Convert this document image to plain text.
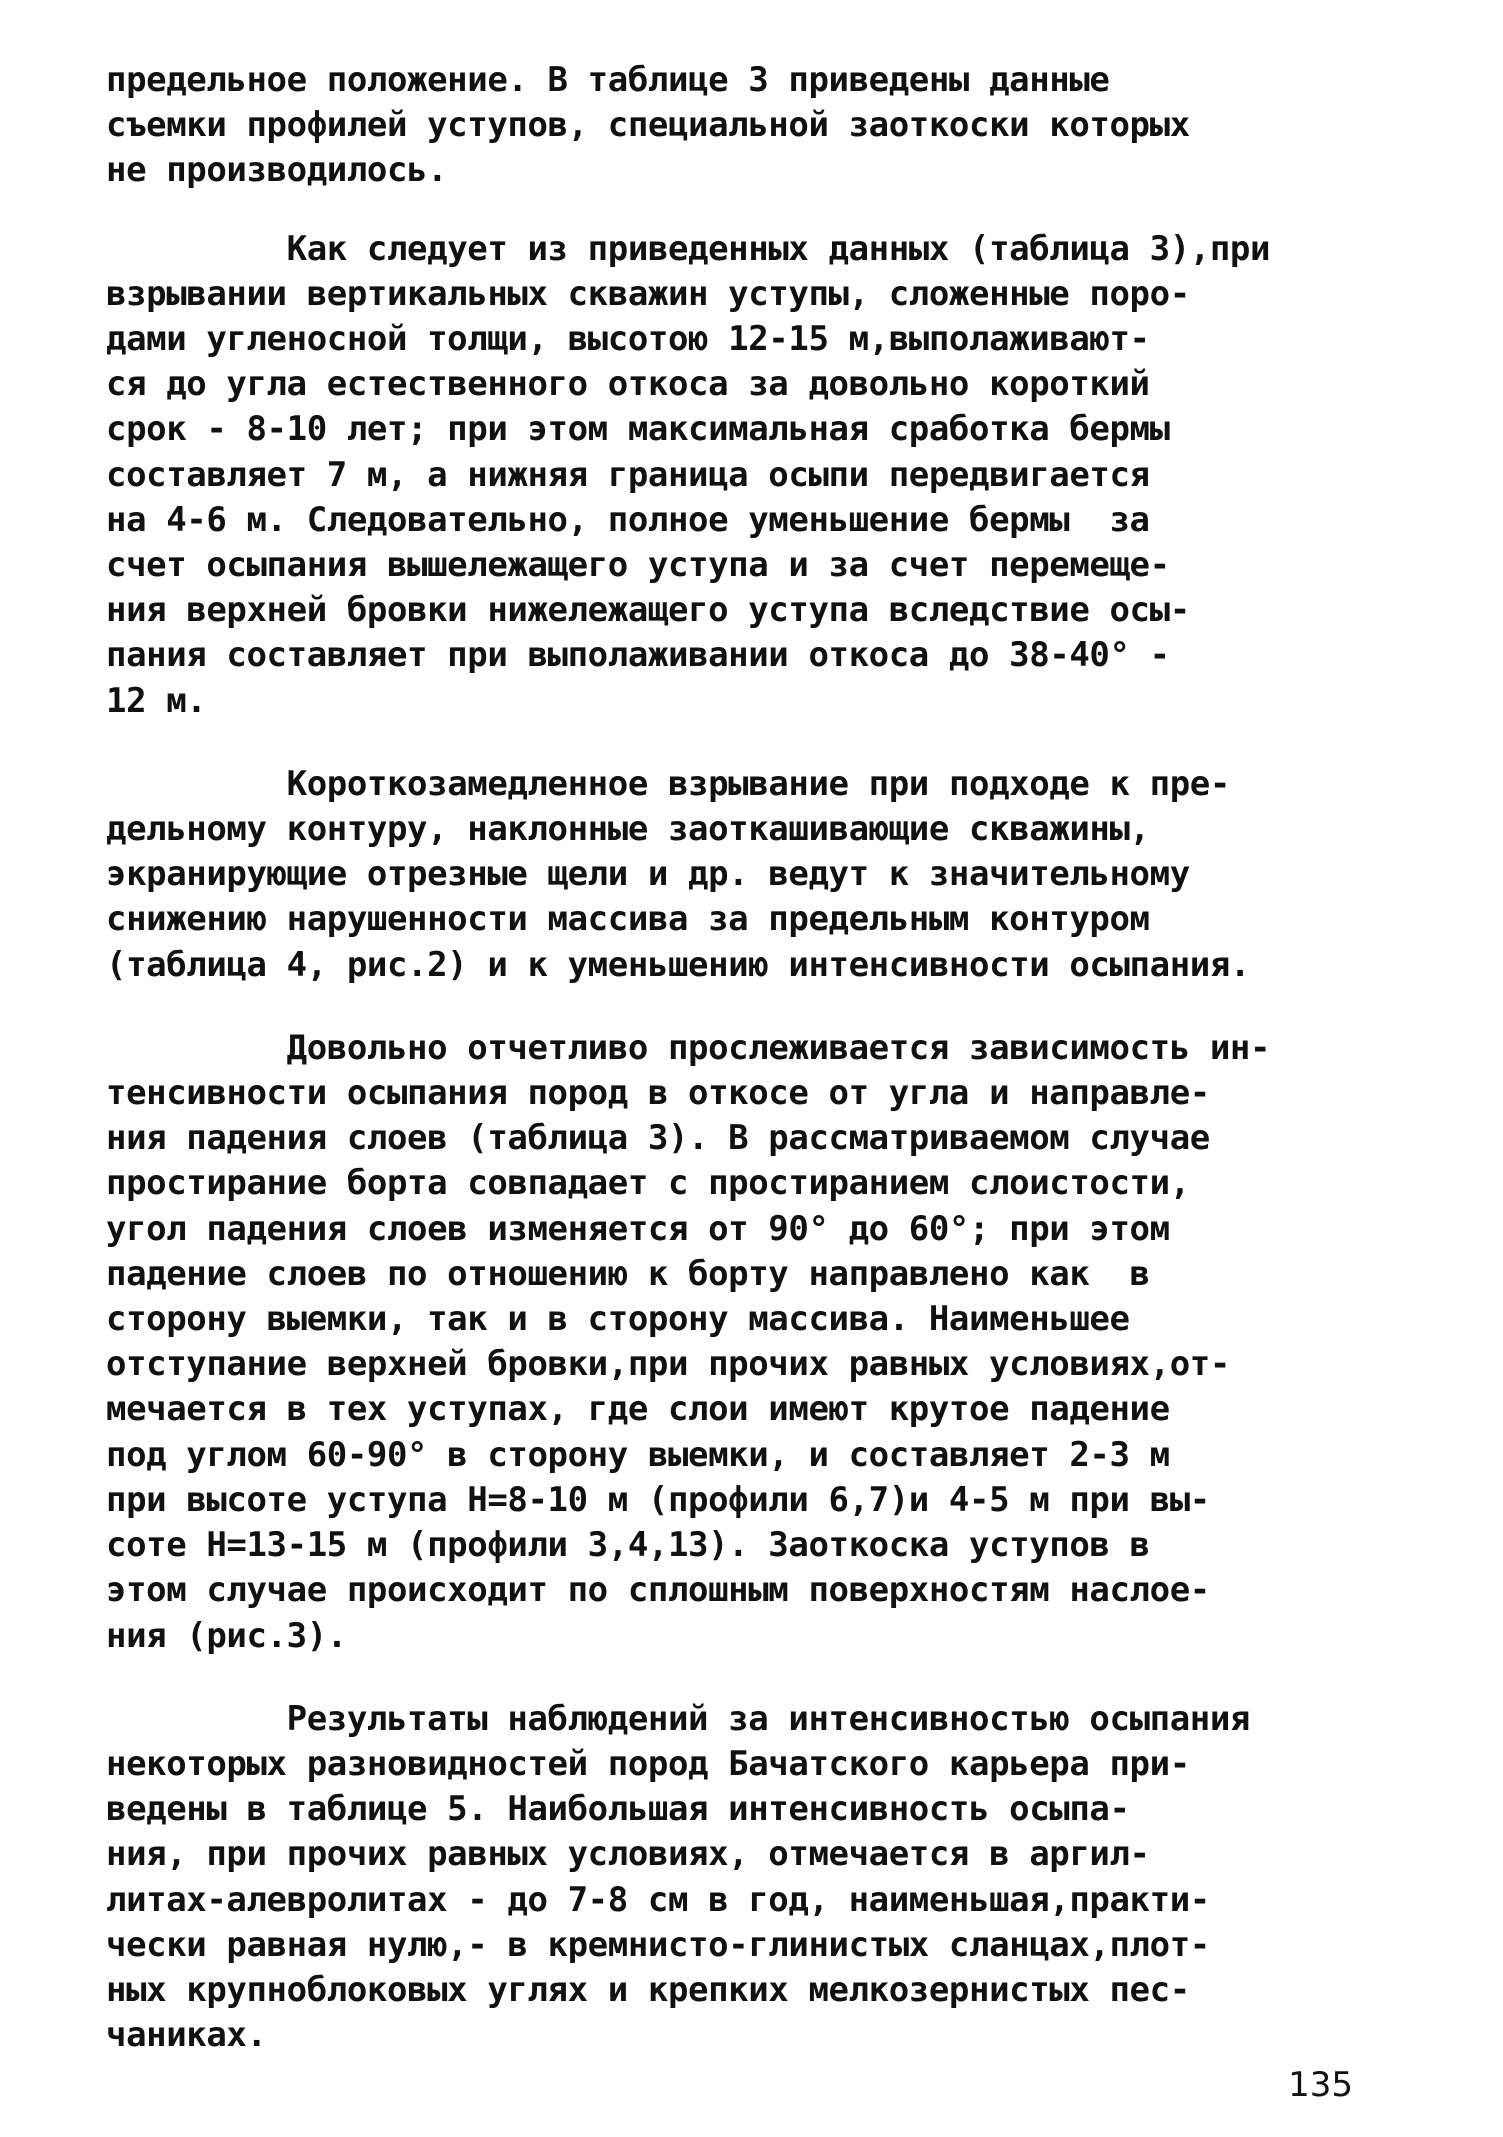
предельное положение. В таблице 3 приведены данные
съемки профилей уступов, специальной заоткоски которых
не производилось.

Как следует из приведенных данных (таблица 3),при
взрывании вертикальных скважин уступы, сложенные поро-
дами угленосной толщи, высотою 12-15 м,выполаживают-
ся до угла естественного откоса за довольно короткий
срок - 8-10 лет; при этом максимальная сработка бермы
составляет 7 м, а нижняя граница осыпи передвигается
на 4-6 м. Следовательно, полное уменьшение бермы  за
счет осыпания вышележащего уступа и за счет перемеще-
ния верхней бровки нижележащего уступа вследствие осы-
пания составляет при выполаживании откоса до 38-40° -
12 м.

Короткозамедленное взрывание при подходе к пре-
дельному контуру, наклонные заоткашивающие скважины,
экранирующие отрезные щели и др. ведут к значительному
снижению нарушенности массива за предельным контуром
(таблица 4, рис.2) и к уменьшению интенсивности осыпания.

Довольно отчетливо прослеживается зависимость ин-
тенсивности осыпания пород в откосе от угла и направле-
ния падения слоев (таблица 3). В рассматриваемом случае
простирание борта совпадает с простиранием слоистости,
угол падения слоев изменяется от 90° до 60°; при этом
падение слоев по отношению к борту направлено как  в
сторону выемки, так и в сторону массива. Наименьшее
отступание верхней бровки,при прочих равных условиях,от-
мечается в тех уступах, где слои имеют крутое падение
под углом 60-90° в сторону выемки, и составляет 2-3 м
при высоте уступа Н=8-10 м (профили 6,7)и 4-5 м при вы-
соте Н=13-15 м (профили 3,4,13). Заоткоска уступов в
этом случае происходит по сплошным поверхностям наслое-
ния (рис.3).

Результаты наблюдений за интенсивностью осыпания
некоторых разновидностей пород Бачатского карьера при-
ведены в таблице 5. Наибольшая интенсивность осыпа-
ния, при прочих равных условиях, отмечается в аргил-
литах-алевролитах - до 7-8 см в год, наименьшая,практи-
чески равная нулю,- в кремнисто-глинистых сланцах,плот-
ных крупноблоковых углях и крепких мелкозернистых пес-
чаниках.

135
